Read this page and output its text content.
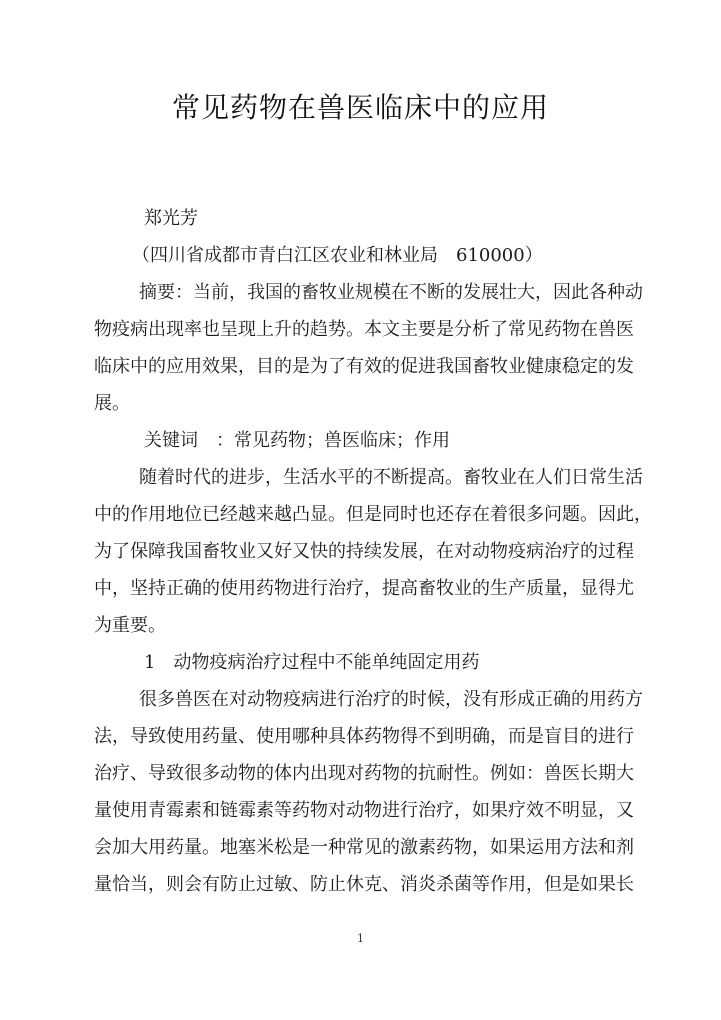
常见药物在兽医临床中的应用
郑光芳
（四川省成都市青白江区农业和林业局　610000）
摘要：当前，我国的畜牧业规模在不断的发展壮大，因此各种动
物疫病出现率也呈现上升的趋势。本文主要是分析了常见药物在兽医
临床中的应用效果，目的是为了有效的促进我国畜牧业健康稳定的发
展。
关键词　：常见药物；兽医临床；作用
随着时代的进步，生活水平的不断提高。畜牧业在人们日常生活
中的作用地位已经越来越凸显。但是同时也还存在着很多问题。因此，
为了保障我国畜牧业又好又快的持续发展，在对动物疫病治疗的过程
中，坚持正确的使用药物进行治疗，提高畜牧业的生产质量，显得尤
为重要。
1　动物疫病治疗过程中不能单纯固定用药
很多兽医在对动物疫病进行治疗的时候，没有形成正确的用药方
法，导致使用药量、使用哪种具体药物得不到明确，而是盲目的进行
治疗、导致很多动物的体内出现对药物的抗耐性。例如：兽医长期大
量使用青霉素和链霉素等药物对动物进行治疗，如果疗效不明显，又
会加大用药量。地塞米松是一种常见的激素药物，如果运用方法和剂
量恰当，则会有防止过敏、防止休克、消炎杀菌等作用，但是如果长
1
